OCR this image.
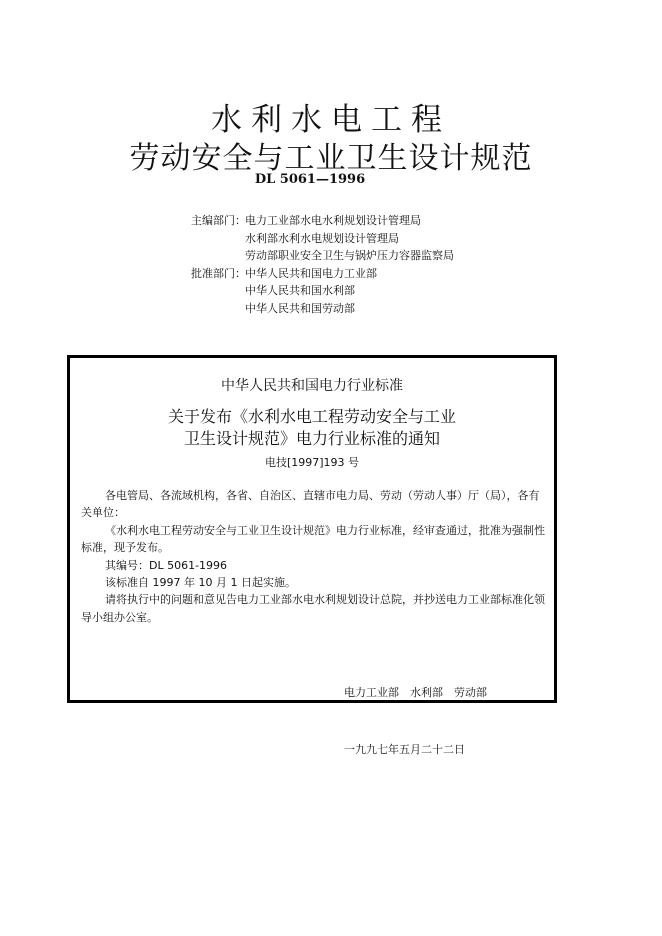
水利水电工程
劳动安全与工业卫生设计规范
DL 5061—1996
主编部门： 电力工业部水电水利规划设计管理局
水利部水利水电规划设计管理局
劳动部职业安全卫生与锅炉压力容器监察局
批准部门： 中华人民共和国电力工业部
中华人民共和国水利部
中华人民共和国劳动部
中华人民共和国电力行业标准
关于发布《水利水电工程劳动安全与工业
卫生设计规范》电力行业标准的通知
电技[1997]193 号

各电管局、各流域机构，各省、自治区、直辖市电力局、劳动（劳动人事）厅（局），各有关单位：

《水利水电工程劳动安全与工业卫生设计规范》电力行业标准，经审查通过，批准为强制性标准，现予发布。

其编号：DL 5061-1996

该标准自 1997 年 10 月 1 日起实施。

请将执行中的问题和意见告电力工业部水电水利规划设计总院，并抄送电力工业部标准化领导小组办公室。

电力工业部　水利部　劳动部

一九九七年五月二十二日
